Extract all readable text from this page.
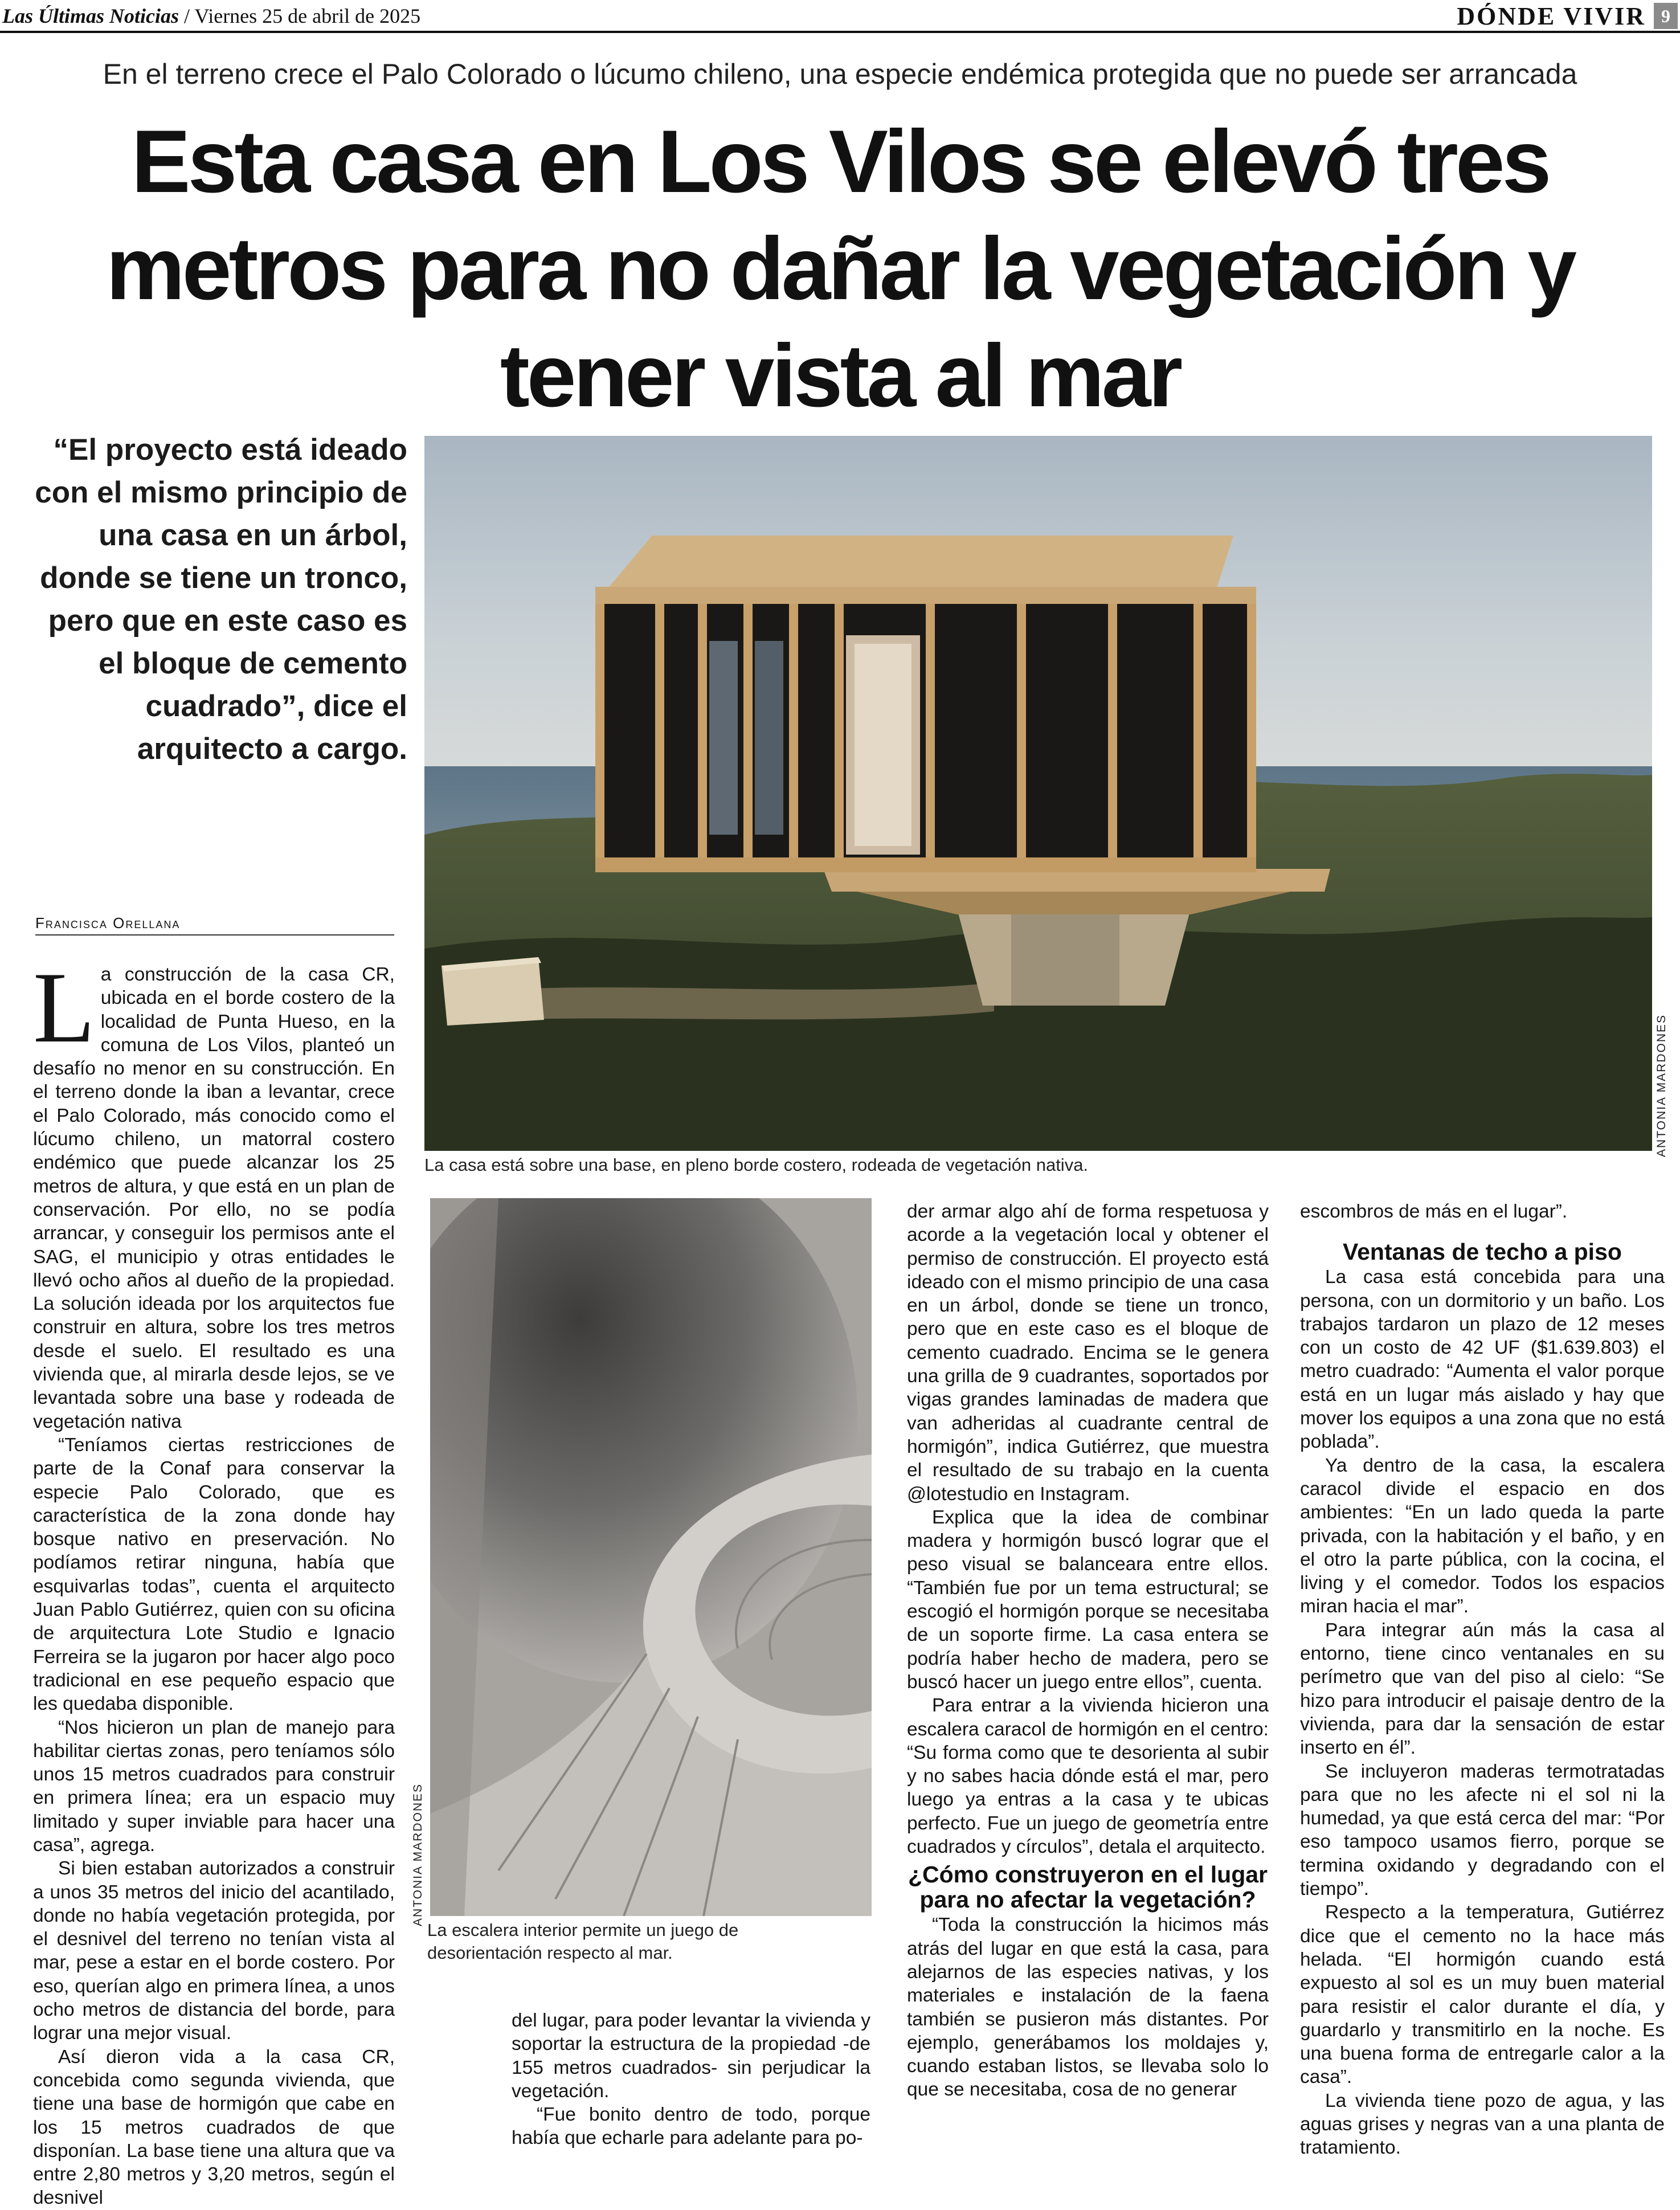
Las Últimas Noticias / Viernes 25 de abril de 2025	DÓNDE VIVIR 9
En el terreno crece el Palo Colorado o lúcumo chileno, una especie endémica protegida que no puede ser arrancada
Esta casa en Los Vilos se elevó tres metros para no dañar la vegetación y tener vista al mar
“El proyecto está ideado con el mismo principio de una casa en un árbol, donde se tiene un tronco, pero que en este caso es el bloque de cemento cuadrado”, dice el arquitecto a cargo.
ANTONIA MARDONES
La casa está sobre una base, en pleno borde costero, rodeada de vegetación nativa.
Francisca Orellana

La construcción de la casa CR, ubicada en el borde costero de la localidad de Punta Hueso, en la comuna de Los Vilos, planteó un desafío no menor en su construcción. En el terreno donde la iban a levantar, crece el Palo Colorado, más conocido como el lúcumo chileno, un matorral costero endémico que puede alcanzar los 25 metros de altura, y que está en un plan de conservación. Por ello, no se podía arrancar, y conseguir los permisos ante el SAG, el municipio y otras entidades le llevó ocho años al dueño de la propiedad. La solución ideada por los arquitectos fue construir en altura, sobre los tres metros desde el suelo. El resultado es una vivienda que, al mirarla desde lejos, se ve levantada sobre una base y rodeada de vegetación nativa

“Teníamos ciertas restricciones de parte de la Conaf para conservar la especie Palo Colorado, que es característica de la zona donde hay bosque nativo en preservación. No podíamos retirar ninguna, había que esquivarlas todas”, cuenta el arquitecto Juan Pablo Gutiérrez, quien con su oficina de arquitectura Lote Studio e Ignacio Ferreira se la jugaron por hacer algo poco tradicional en ese pequeño espacio que les quedaba disponible.

“Nos hicieron un plan de manejo para habilitar ciertas zonas, pero teníamos sólo unos 15 metros cuadrados para construir en primera línea; era un espacio muy limitado y super inviable para hacer una casa”, agrega.

Si bien estaban autorizados a construir a unos 35 metros del inicio del acantilado, donde no había vegetación protegida, por el desnivel del terreno no tenían vista al mar, pese a estar en el borde costero. Por eso, querían algo en primera línea, a unos ocho metros de distancia del borde, para lograr una mejor visual.

Así dieron vida a la casa CR, concebida como segunda vivienda, que tiene una base de hormigón que cabe en los 15 metros cuadrados de que disponían. La base tiene una altura que va entre 2,80 metros y 3,20 metros, según el desnivel

ANTONIA MARDONES
La escalera interior permite un juego de desorientación respecto al mar.

del lugar, para poder levantar la vivienda y soportar la estructura de la propiedad -de 155 metros cuadrados- sin perjudicar la vegetación.

“Fue bonito dentro de todo, porque había que echarle para adelante para po-

der armar algo ahí de forma respetuosa y acorde a la vegetación local y obtener el permiso de construcción. El proyecto está ideado con el mismo principio de una casa en un árbol, donde se tiene un tronco, pero que en este caso es el bloque de cemento cuadrado. Encima se le genera una grilla de 9 cuadrantes, soportados por vigas grandes laminadas de madera que van adheridas al cuadrante central de hormigón”, indica Gutiérrez, que muestra el resultado de su trabajo en la cuenta @lotestudio en Instagram.

Explica que la idea de combinar madera y hormigón buscó lograr que el peso visual se balanceara entre ellos. “También fue por un tema estructural; se escogió el hormigón porque se necesitaba de un soporte firme. La casa entera se podría haber hecho de madera, pero se buscó hacer un juego entre ellos”, cuenta.

Para entrar a la vivienda hicieron una escalera caracol de hormigón en el centro: “Su forma como que te desorienta al subir y no sabes hacia dónde está el mar, pero luego ya entras a la casa y te ubicas perfecto. Fue un juego de geometría entre cuadrados y círculos”, detala el arquitecto.

¿Cómo construyeron en el lugar para no afectar la vegetación?

“Toda la construcción la hicimos más atrás del lugar en que está la casa, para alejarnos de las especies nativas, y los materiales e instalación de la faena también se pusieron más distantes. Por ejemplo, generábamos los moldajes y, cuando estaban listos, se llevaba solo lo que se necesitaba, cosa de no generar

escombros de más en el lugar”.

Ventanas de techo a piso

La casa está concebida para una persona, con un dormitorio y un baño. Los trabajos tardaron un plazo de 12 meses con un costo de 42 UF ($1.639.803) el metro cuadrado: “Aumenta el valor porque está en un lugar más aislado y hay que mover los equipos a una zona que no está poblada”.

Ya dentro de la casa, la escalera caracol divide el espacio en dos ambientes: “En un lado queda la parte privada, con la habitación y el baño, y en el otro la parte pública, con la cocina, el living y el comedor. Todos los espacios miran hacia el mar”.

Para integrar aún más la casa al entorno, tiene cinco ventanales en su perímetro que van del piso al cielo: “Se hizo para introducir el paisaje dentro de la vivienda, para dar la sensación de estar inserto en él”.

Se incluyeron maderas termotratadas para que no les afecte ni el sol ni la humedad, ya que está cerca del mar: “Por eso tampoco usamos fierro, porque se termina oxidando y degradando con el tiempo”.

Respecto a la temperatura, Gutiérrez dice que el cemento no la hace más helada. “El hormigón cuando está expuesto al sol es un muy buen material para resistir el calor durante el día, y guardarlo y transmitirlo en la noche. Es una buena forma de entregarle calor a la casa”.

La vivienda tiene pozo de agua, y las aguas grises y negras van a una planta de tratamiento.
